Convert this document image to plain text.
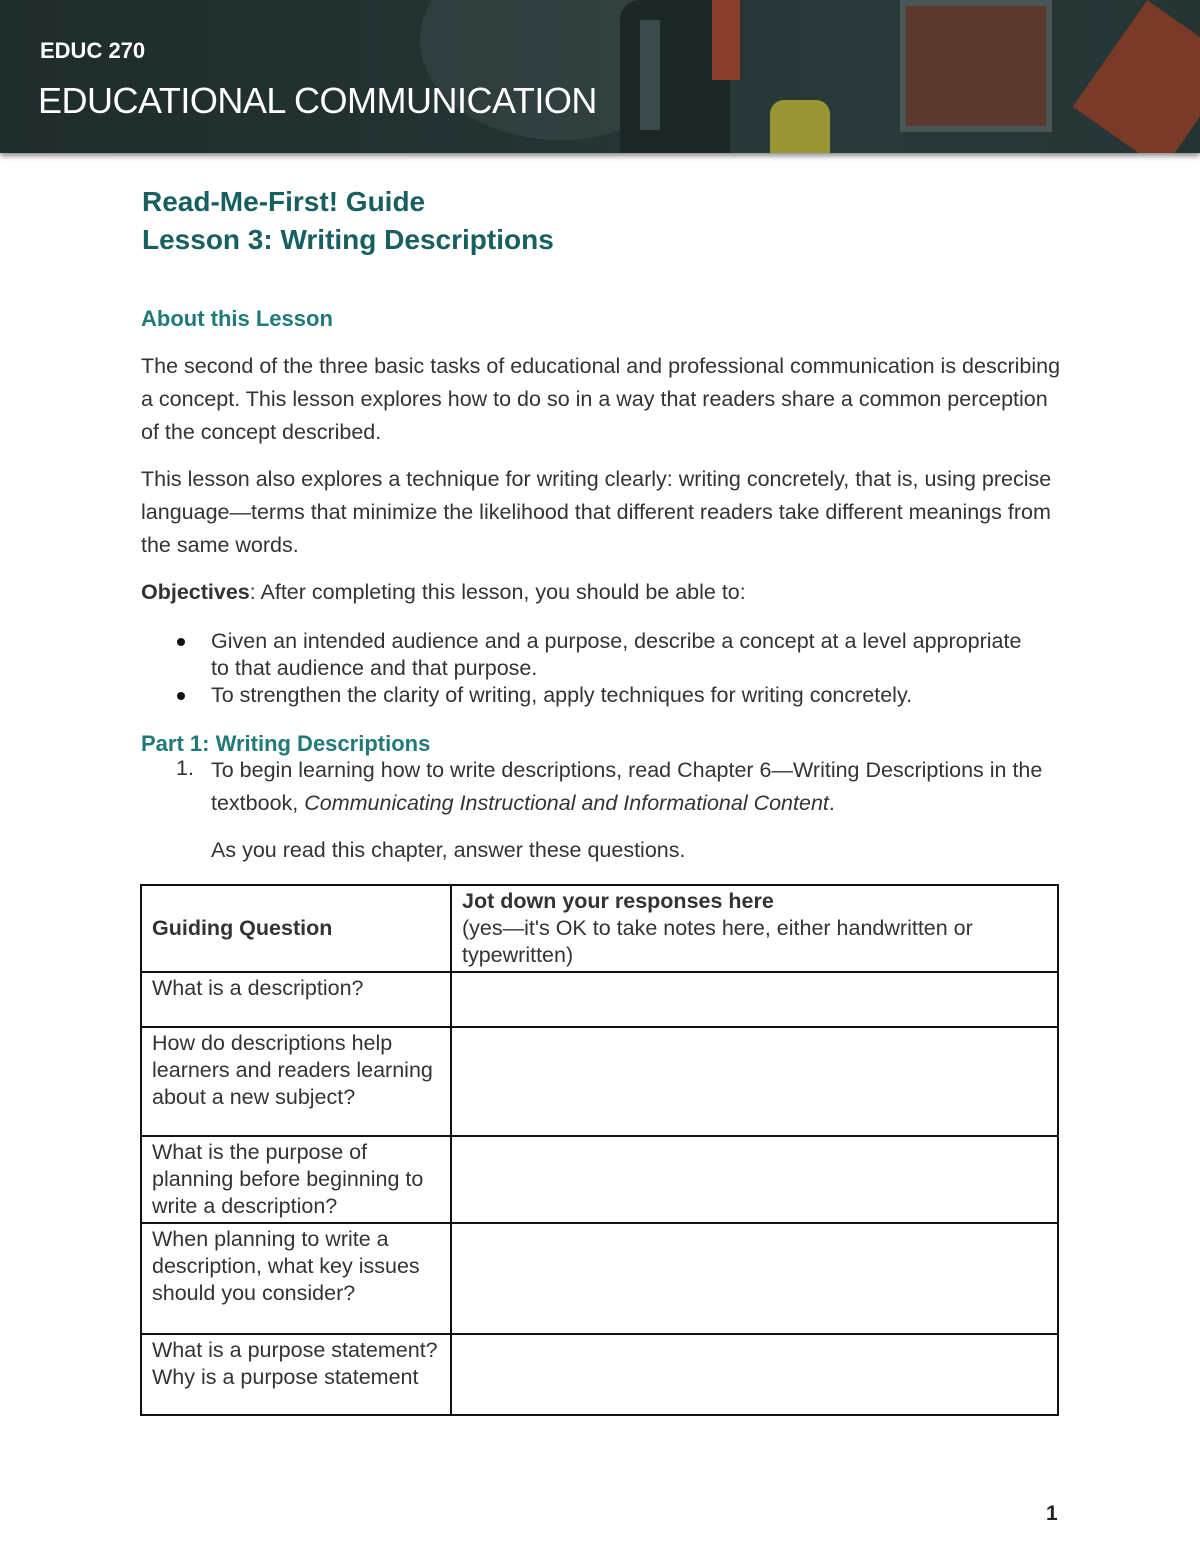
EDUC 270
EDUCATIONAL COMMUNICATION
Read-Me-First! Guide
Lesson 3: Writing Descriptions
About this Lesson
The second of the three basic tasks of educational and professional communication is describing a concept. This lesson explores how to do so in a way that readers share a common perception of the concept described.
This lesson also explores a technique for writing clearly: writing concretely, that is, using precise language—terms that minimize the likelihood that different readers take different meanings from the same words.
Objectives: After completing this lesson, you should be able to:
Given an intended audience and a purpose, describe a concept at a level appropriate to that audience and that purpose.
To strengthen the clarity of writing, apply techniques for writing concretely.
Part 1: Writing Descriptions
1. To begin learning how to write descriptions, read Chapter 6—Writing Descriptions in the textbook, Communicating Instructional and Informational Content.
As you read this chapter, answer these questions.
Guiding Question	Jot down your responses here
(yes—it's OK to take notes here, either handwritten or typewritten)
What is a description?	
How do descriptions help learners and readers learning about a new subject?	
What is the purpose of planning before beginning to write a description?	
When planning to write a description, what key issues should you consider?	
What is a purpose statement? Why is a purpose statement	
1
